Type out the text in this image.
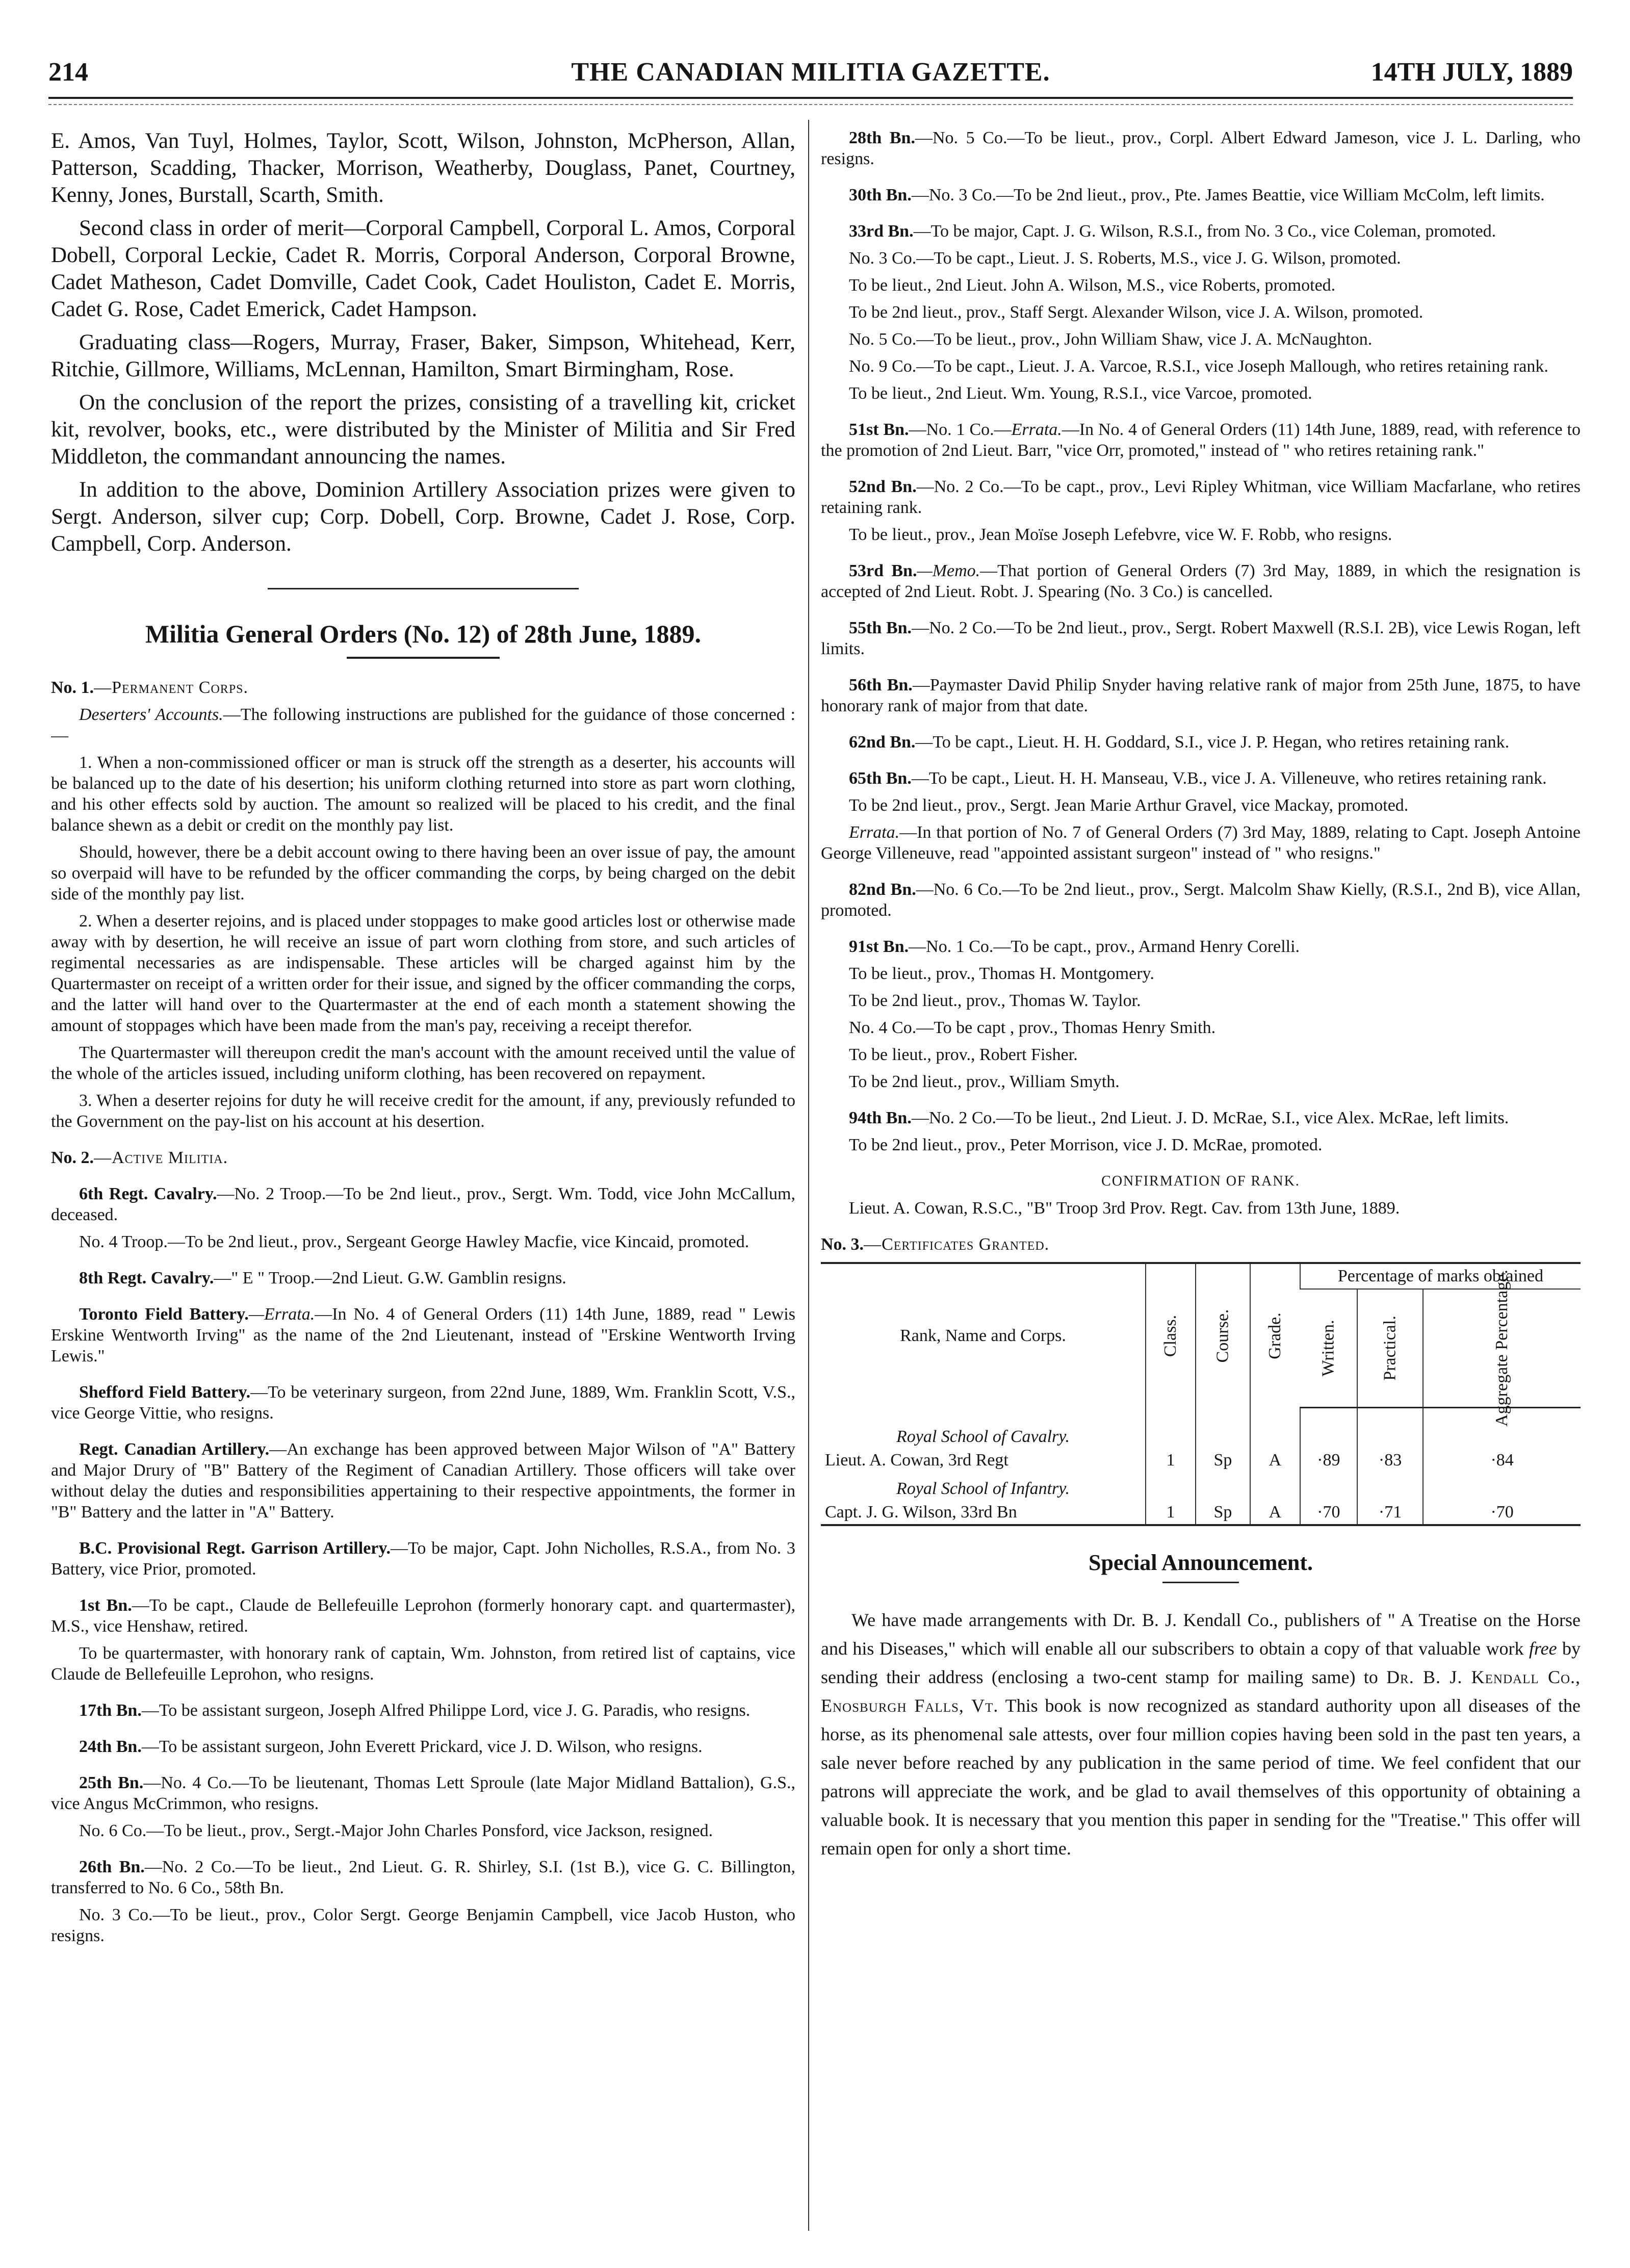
214	THE CANADIAN MILITIA GAZETTE.	14TH JULY, 1889

E. Amos, Van Tuyl, Holmes, Taylor, Scott, Wilson, Johnston, McPherson, Allan, Patterson, Scadding, Thacker, Morrison, Weatherby, Douglass, Panet, Courtney, Kenny, Jones, Burstall, Scarth, Smith.

Second class in order of merit—Corporal Campbell, Corporal L. Amos, Corporal Dobell, Corporal Leckie, Cadet R. Morris, Corporal Anderson, Corporal Browne, Cadet Matheson, Cadet Domville, Cadet Cook, Cadet Houliston, Cadet E. Morris, Cadet G. Rose, Cadet Emerick, Cadet Hampson.

Graduating class—Rogers, Murray, Fraser, Baker, Simpson, Whitehead, Kerr, Ritchie, Gillmore, Williams, McLennan, Hamilton, Smart Birmingham, Rose.

On the conclusion of the report the prizes, consisting of a travelling kit, cricket kit, revolver, books, etc., were distributed by the Minister of Militia and Sir Fred Middleton, the commandant announcing the names.

In addition to the above, Dominion Artillery Association prizes were given to Sergt. Anderson, silver cup; Corp. Dobell, Corp. Browne, Cadet J. Rose, Corp. Campbell, Corp. Anderson.

Militia General Orders (No. 12) of 28th June, 1889.

No. 1.—Permanent Corps.

Deserters' Accounts.—The following instructions are published for the guidance of those concerned :—

1. When a non-commissioned officer or man is struck off the strength as a deserter, his accounts will be balanced up to the date of his desertion; his uniform clothing returned into store as part worn clothing, and his other effects sold by auction. The amount so realized will be placed to his credit, and the final balance shewn as a debit or credit on the monthly pay list.

Should, however, there be a debit account owing to there having been an over issue of pay, the amount so overpaid will have to be refunded by the officer commanding the corps, by being charged on the debit side of the monthly pay list.

2. When a deserter rejoins, and is placed under stoppages to make good articles lost or otherwise made away with by desertion, he will receive an issue of part worn clothing from store, and such articles of regimental necessaries as are indispensable. These articles will be charged against him by the Quartermaster on receipt of a written order for their issue, and signed by the officer commanding the corps, and the latter will hand over to the Quartermaster at the end of each month a statement showing the amount of stoppages which have been made from the man's pay, receiving a receipt therefor.

The Quartermaster will thereupon credit the man's account with the amount received until the value of the whole of the articles issued, including uniform clothing, has been recovered on repayment.

3. When a deserter rejoins for duty he will receive credit for the amount, if any, previously refunded to the Government on the pay-list on his account at his desertion.

No. 2.—Active Militia.

6th Regt. Cavalry.—No. 2 Troop.—To be 2nd lieut., prov., Sergt. Wm. Todd, vice John McCallum, deceased.

No. 4 Troop.—To be 2nd lieut., prov., Sergeant George Hawley Macfie, vice Kincaid, promoted.

8th Regt. Cavalry.—" E " Troop.—2nd Lieut. G.W. Gamblin resigns.

Toronto Field Battery.—Errata.—In No. 4 of General Orders (11) 14th June, 1889, read " Lewis Erskine Wentworth Irving" as the name of the 2nd Lieutenant, instead of "Erskine Wentworth Irving Lewis."

Shefford Field Battery.—To be veterinary surgeon, from 22nd June, 1889, Wm. Franklin Scott, V.S., vice George Vittie, who resigns.

Regt. Canadian Artillery.—An exchange has been approved between Major Wilson of "A" Battery and Major Drury of "B" Battery of the Regiment of Canadian Artillery. Those officers will take over without delay the duties and responsibilities appertaining to their respective appointments, the former in "B" Battery and the latter in "A" Battery.

B.C. Provisional Regt. Garrison Artillery.—To be major, Capt. John Nicholles, R.S.A., from No. 3 Battery, vice Prior, promoted.

1st Bn.—To be capt., Claude de Bellefeuille Leprohon (formerly honorary capt. and quartermaster), M.S., vice Henshaw, retired.

To be quartermaster, with honorary rank of captain, Wm. Johnston, from retired list of captains, vice Claude de Bellefeuille Leprohon, who resigns.

17th Bn.—To be assistant surgeon, Joseph Alfred Philippe Lord, vice J. G. Paradis, who resigns.

24th Bn.—To be assistant surgeon, John Everett Prickard, vice J. D. Wilson, who resigns.

25th Bn.—No. 4 Co.—To be lieutenant, Thomas Lett Sproule (late Major Midland Battalion), G.S., vice Angus McCrimmon, who resigns.

No. 6 Co.—To be lieut., prov., Sergt.-Major John Charles Ponsford, vice Jackson, resigned.

26th Bn.—No. 2 Co.—To be lieut., 2nd Lieut. G. R. Shirley, S.I. (1st B.), vice G. C. Billington, transferred to No. 6 Co., 58th Bn.

No. 3 Co.—To be lieut., prov., Color Sergt. George Benjamin Campbell, vice Jacob Huston, who resigns.

28th Bn.—No. 5 Co.—To be lieut., prov., Corpl. Albert Edward Jameson, vice J. L. Darling, who resigns.

30th Bn.—No. 3 Co.—To be 2nd lieut., prov., Pte. James Beattie, vice William McColm, left limits.

33rd Bn.—To be major, Capt. J. G. Wilson, R.S.I., from No. 3 Co., vice Coleman, promoted.

No. 3 Co.—To be capt., Lieut. J. S. Roberts, M.S., vice J. G. Wilson, promoted.

To be lieut., 2nd Lieut. John A. Wilson, M.S., vice Roberts, promoted.

To be 2nd lieut., prov., Staff Sergt. Alexander Wilson, vice J. A. Wilson, promoted.

No. 5 Co.—To be lieut., prov., John William Shaw, vice J. A. McNaughton.

No. 9 Co.—To be capt., Lieut. J. A. Varcoe, R.S.I., vice Joseph Mallough, who retires retaining rank.

To be lieut., 2nd Lieut. Wm. Young, R.S.I., vice Varcoe, promoted.

51st Bn.—No. 1 Co.—Errata.—In No. 4 of General Orders (11) 14th June, 1889, read, with reference to the promotion of 2nd Lieut. Barr, "vice Orr, promoted," instead of " who retires retaining rank."

52nd Bn.—No. 2 Co.—To be capt., prov., Levi Ripley Whitman, vice William Macfarlane, who retires retaining rank.

To be lieut., prov., Jean Moïse Joseph Lefebvre, vice W. F. Robb, who resigns.

53rd Bn.—Memo.—That portion of General Orders (7) 3rd May, 1889, in which the resignation is accepted of 2nd Lieut. Robt. J. Spearing (No. 3 Co.) is cancelled.

55th Bn.—No. 2 Co.—To be 2nd lieut., prov., Sergt. Robert Maxwell (R.S.I. 2B), vice Lewis Rogan, left limits.

56th Bn.—Paymaster David Philip Snyder having relative rank of major from 25th June, 1875, to have honorary rank of major from that date.

62nd Bn.—To be capt., Lieut. H. H. Goddard, S.I., vice J. P. Hegan, who retires retaining rank.

65th Bn.—To be capt., Lieut. H. H. Manseau, V.B., vice J. A. Villeneuve, who retires retaining rank.

To be 2nd lieut., prov., Sergt. Jean Marie Arthur Gravel, vice Mackay, promoted.

Errata.—In that portion of No. 7 of General Orders (7) 3rd May, 1889, relating to Capt. Joseph Antoine George Villeneuve, read "appointed assistant surgeon" instead of " who resigns."

82nd Bn.—No. 6 Co.—To be 2nd lieut., prov., Sergt. Malcolm Shaw Kielly, (R.S.I., 2nd B), vice Allan, promoted.

91st Bn.—No. 1 Co.—To be capt., prov., Armand Henry Corelli.

To be lieut., prov., Thomas H. Montgomery.

To be 2nd lieut., prov., Thomas W. Taylor.

No. 4 Co.—To be capt , prov., Thomas Henry Smith.

To be lieut., prov., Robert Fisher.

To be 2nd lieut., prov., William Smyth.

94th Bn.—No. 2 Co.—To be lieut., 2nd Lieut. J. D. McRae, S.I., vice Alex. McRae, left limits.

To be 2nd lieut., prov., Peter Morrison, vice J. D. McRae, promoted.

CONFIRMATION OF RANK.

Lieut. A. Cowan, R.S.C., "B" Troop 3rd Prov. Regt. Cav. from 13th June, 1889.

No. 3.—Certificates Granted.

Rank, Name and Corps.	Class.	Course.	Grade.	Percentage of marks obtained		
				Written.	Practical.	Aggregate Percentage.
Royal School of Cavalry.						
Lieut. A. Cowan, 3rd Regt	1	Sp	A	·89	·83	·84
Royal School of Infantry.						
Capt. J. G. Wilson, 33rd Bn	1	Sp	A	·70	·71	·70
Special Announcement.

We have made arrangements with Dr. B. J. Kendall Co., publishers of " A Treatise on the Horse and his Diseases," which will enable all our subscribers to obtain a copy of that valuable work free by sending their address (enclosing a two-cent stamp for mailing same) to Dr. B. J. Kendall Co., Enosburgh Falls, Vt. This book is now recognized as standard authority upon all diseases of the horse, as its phenomenal sale attests, over four million copies having been sold in the past ten years, a sale never before reached by any publication in the same period of time. We feel confident that our patrons will appreciate the work, and be glad to avail themselves of this opportunity of obtaining a valuable book. It is necessary that you mention this paper in sending for the "Treatise." This offer will remain open for only a short time.
